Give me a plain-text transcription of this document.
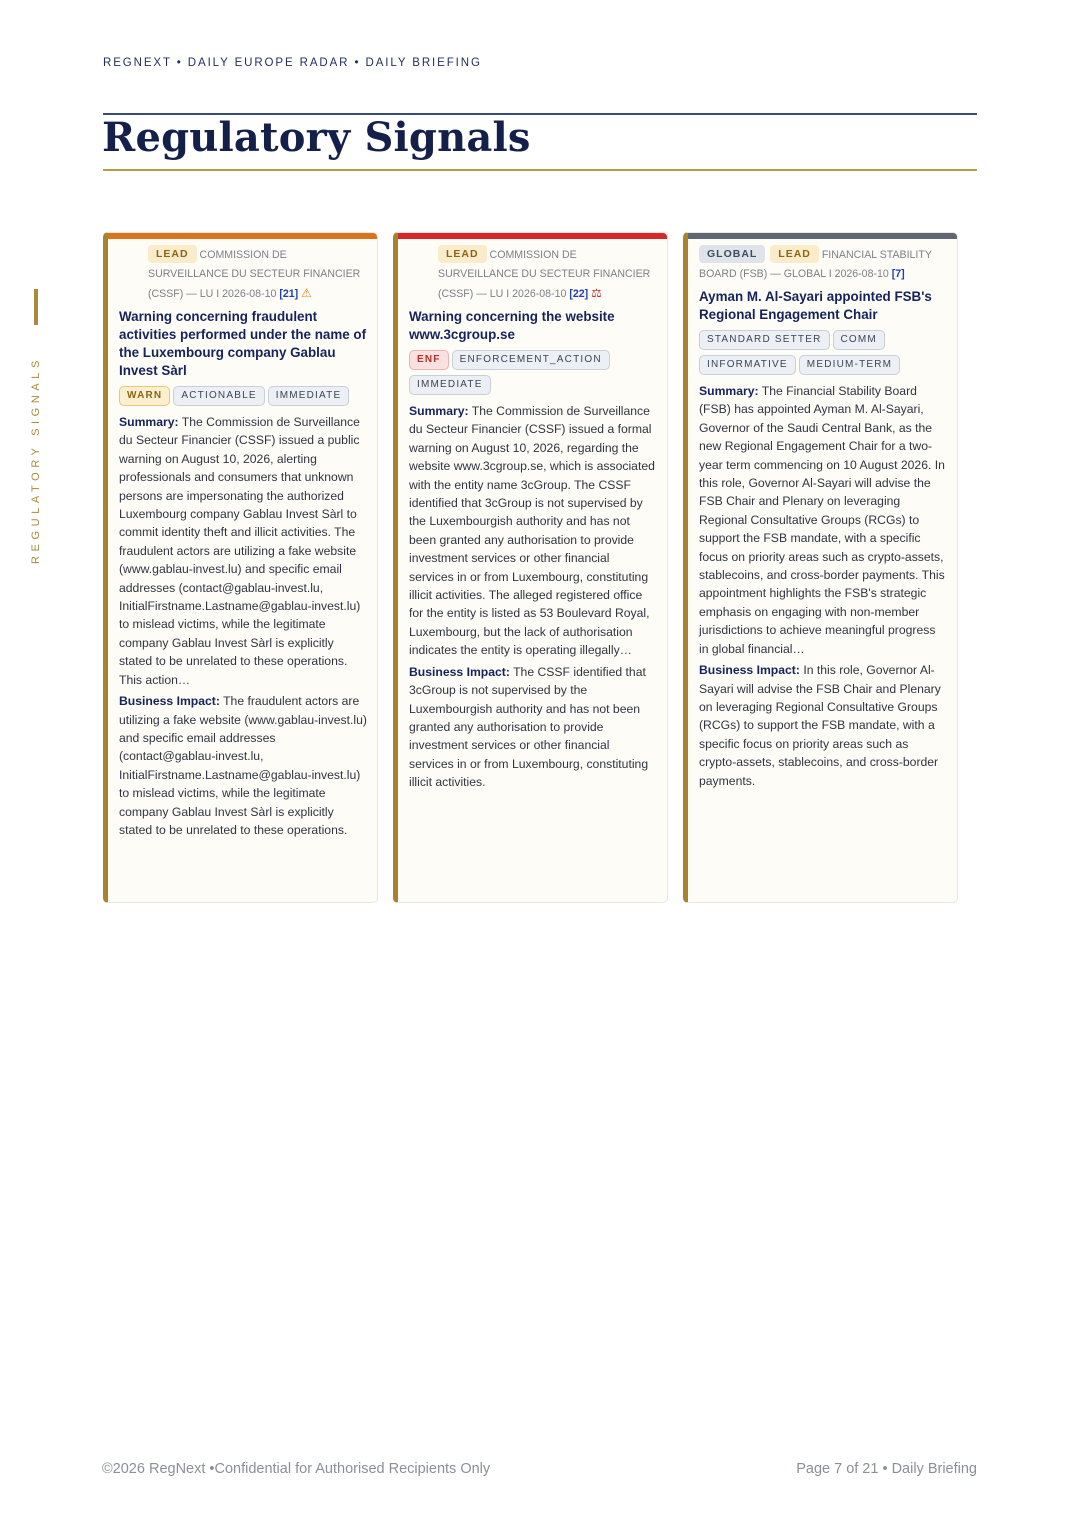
REGNEXT • DAILY EUROPE RADAR • DAILY BRIEFING
Regulatory Signals
REGULATORY SIGNALS
LEAD COMMISSION DE SURVEILLANCE DU SECTEUR FINANCIER (CSSF) — LU I 2026-08-10 [21] ⚠
Warning concerning fraudulent activities performed under the name of the Luxembourg company Gablau Invest Sàrl
WARN ACTIONABLE IMMEDIATE
Summary: The Commission de Surveillance du Secteur Financier (CSSF) issued a public warning on August 10, 2026, alerting professionals and consumers that unknown persons are impersonating the authorized Luxembourg company Gablau Invest Sàrl to commit identity theft and illicit activities. The fraudulent actors are utilizing a fake website (www.gablau-invest.lu) and specific email addresses (contact@gablau-invest.lu, InitialFirstname.Lastname@gablau-invest.lu) to mislead victims, while the legitimate company Gablau Invest Sàrl is explicitly stated to be unrelated to these operations. This action…
Business Impact: The fraudulent actors are utilizing a fake website (www.gablau-invest.lu) and specific email addresses (contact@gablau-invest.lu, InitialFirstname.Lastname@gablau-invest.lu) to mislead victims, while the legitimate company Gablau Invest Sàrl is explicitly stated to be unrelated to these operations.
LEAD COMMISSION DE SURVEILLANCE DU SECTEUR FINANCIER (CSSF) — LU I 2026-08-10 [22] ⚖
Warning concerning the website www.3cgroup.se
ENF ENFORCEMENT_ACTIONIMMEDIATE
Summary: The Commission de Surveillance du Secteur Financier (CSSF) issued a formal warning on August 10, 2026, regarding the website www.3cgroup.se, which is associated with the entity name 3cGroup. The CSSF identified that 3cGroup is not supervised by the Luxembourgish authority and has not been granted any authorisation to provide investment services or other financial services in or from Luxembourg, constituting illicit activities. The alleged registered office for the entity is listed as 53 Boulevard Royal, Luxembourg, but the lack of authorisation indicates the entity is operating illegally…
Business Impact: The CSSF identified that 3cGroup is not supervised by the Luxembourgish authority and has not been granted any authorisation to provide investment services or other financial services in or from Luxembourg, constituting illicit activities.
GLOBAL LEAD FINANCIAL STABILITY BOARD (FSB) — GLOBAL I 2026-08-10 [7]
Ayman M. Al-Sayari appointed FSB's Regional Engagement Chair
STANDARD SETTER COMMINFORMATIVE MEDIUM-TERM
Summary: The Financial Stability Board (FSB) has appointed Ayman M. Al-Sayari, Governor of the Saudi Central Bank, as the new Regional Engagement Chair for a two-year term commencing on 10 August 2026. In this role, Governor Al-Sayari will advise the FSB Chair and Plenary on leveraging Regional Consultative Groups (RCGs) to support the FSB mandate, with a specific focus on priority areas such as crypto-assets, stablecoins, and cross-border payments. This appointment highlights the FSB's strategic emphasis on engaging with non-member jurisdictions to achieve meaningful progress in global financial…
Business Impact: In this role, Governor Al-Sayari will advise the FSB Chair and Plenary on leveraging Regional Consultative Groups (RCGs) to support the FSB mandate, with a specific focus on priority areas such as crypto-assets, stablecoins, and cross-border payments.
©2026 RegNext •Confidential for Authorised Recipients Only	Page 7 of 21 • Daily Briefing
